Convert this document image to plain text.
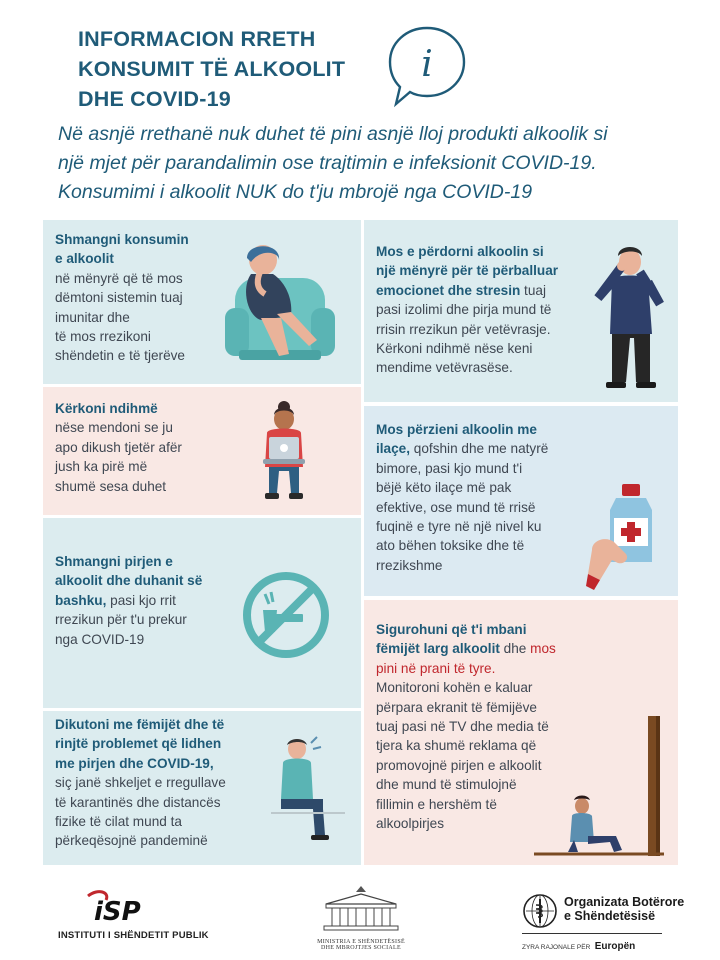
INFORMACION RRETH
KONSUMIT TË ALKOOLIT
DHE COVID-19
i
Në asnjë rrethanë nuk duhet të pini asnjë lloj produkti alkoolik si
një mjet për parandalimin ose trajtimin e infeksionit COVID-19.
Konsumimi i alkoolit NUK do t'ju mbrojë nga COVID-19
Shmangni konsumin
e alkoolit
në mënyrë që të mos
dëmtoni sistemin tuaj
imunitar dhe
të mos rrezikoni
shëndetin e të tjerëve
Kërkoni ndihmë
nëse mendoni se ju
apo dikush tjetër afër
jush ka pirë më
shumë sesa duhet
Shmangni pirjen e
alkoolit dhe duhanit së
bashku, pasi kjo rrit
rrezikun për t'u prekur
nga COVID-19
Dikutoni me fëmijët dhe të
rinjtë problemet që lidhen
me pirjen dhe COVID-19,
siç janë shkeljet e rregullave
të karantinës dhe distancës
fizike të cilat mund ta
përkeqësojnë pandeminë
Mos e përdorni alkoolin si
një mënyrë për të përballuar
emocionet dhe stresin tuaj
pasi izolimi dhe pirja mund të
rrisin rrezikun për vetëvrasje.
Kërkoni ndihmë nëse keni
mendime vetëvrasëse.
Mos përzieni alkoolin me
ilaçe, qofshin dhe me natyrë
bimore, pasi kjo mund t'i
bëjë këto ilaçe më pak
efektive, ose mund të rrisë
fuqinë e tyre në një nivel ku
ato bëhen toksike dhe të
rrezikshme
Sigurohuni që t'i mbani
fëmijët larg alkoolit dhe mos
pini në prani të tyre.
Monitoroni kohën e kaluar
përpara ekranit të fëmijëve
tuaj pasi në TV dhe media të
tjera ka shumë reklama që
promovojnë pirjen e alkoolit
dhe mund të stimulojnë
fillimin e hershëm të
alkoolpirjes
iSP
INSTITUTI I SHËNDETIT PUBLIK
MINISTRIA E SHËNDETËSISË
DHE MBROJTJES SOCIALE
Organizata Botërore
e Shëndetësisë
ZYRA RAJONALE PËR Europën
